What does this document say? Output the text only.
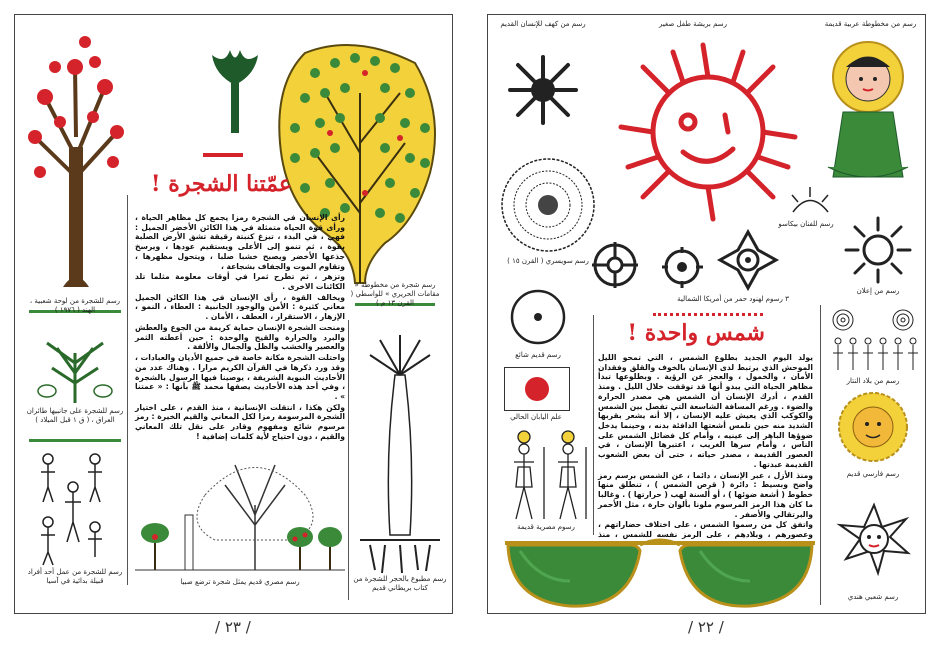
رسم للشجرة من لوحة شعبية ، الهند ( ١٩٧٦ )
رسم شجرة من مخطوطة « مقامات الحريري » للواسطي ( القرن ١٣ م )
عمّتنا الشجرة !

رأى الإنسان في الشجرة رمزا يجمع كل مظاهر الحياة ، ورأى قوة الحياة متمثلة في هذا الكائن الأخضر الجميل : فهي ، في البدء ، تبزغ كنبتة رقيقة تشق الأرض الصلبة بقوة ، ثم تنمو إلى الأعلى ويستقيم عودها ، ويرسخ جذعها الأخضر ويصبح خشبا صلبا ، ويتحول مظهرها ، وتقاوم الموت والجفاف بشجاعة ،

وتزهر ، ثم تطرح ثمرا في أوقات معلومة مثلما تلد الكائنات الاخرى .

ويخالف القوة ، رأى الإنسان في هذا الكائن الجميل معاني كثيرة : الأمن والوجود الجانبية : العطاء ، النمو ، الإزهار ، الاستقرار ، العطف ، الأمان .

ومنحت الشجرة الإنسان حماية كريمة من الجوع والعطش والبرد والحرارة والقيح والوحدة : حين أعطته الثمر والعصير والخشب والظل والجمال والألفة .

واحتلت الشجرة مكانة خاصة في جميع الأديان والعبادات ، وقد ورد ذكرها في القرآن الكريم مرارا . وهناك عدد من الأحاديث النبوية الشريفة ، يوصينا فيها الرسول بالشجرة ، وفي أحد هذه الأحاديث يصفها محمد ﷺ بأنها : « عمتنا » .

ولكن هكذا ، انتقلت الإنسانية ، منذ القدم ، على اختيار الشجرة المرسومة رمزا لكل المعاني والقيم الخيرة : رمز مرسوم شائع ومفهوم وقادر على نقل تلك المعاني والقيم ، دون احتياج لأية كلمات إضافية !

رسم للشجرة على جانبيها طائران العراق ، ( ق ١ قبل الميلاد )
رسم للشجرة من عمل أحد أفراد قبيلة بدائية في آسيا	رسم مصري قديم يمثل شجرة ترضع صبيا	رسم مطبوع بالحجر للشجرة من كتاب بريطاني قديم
/ ٢٣ /
رسم من كهف للإنسان القديم	رسم بريشة طفل صغير	رسم من مخطوطة عربية قديمة
رسم سويسري ( القرن ١٥ )
٣ رسوم لهنود حمر من أمريكا الشمالية
رسم للفنان بيكاسو
رسم من إعلان
رسم قديم شائع
علم اليابان الحالي
رسوم مصرية قديمة
شمس واحدة !

يولد اليوم الجديد بطلوع الشمس ، التي تمحو الليل الموحش الذي يرتبط لدى الإنسان بالخوف والقلق وفقدان الأمان ، والخمول ، والعجز عن الرؤية . وبطلوعها تبدأ مظاهر الحياة التي يبدو أنها قد توقفت خلال الليل . ومنذ القدم ، أدرك الإنسان أن الشمس هي مصدر الحرارة والضوء . ورغم المسافة الشاسعة التي تفصل بين الشمس والكوكب الذي يعيش عليه الإنسان ، إلا أنه يشعر بقربها الشديد منه حين تلمس أشعتها الدافئة بدنه ، وحينما يدخل ضوؤها الباهر إلى عينيه ، وأمام كل فضائل الشمس على الناس ، وأمام سرها الغريب ، اعتبرها الإنسان ، في العصور القديمة ، مصدر حياته ، حتى أن بعض الشعوب القديمة عبدتها .

ومنذ الأزل ، عبر الإنسان ، دائما ، عن الشمس برسم رمز واضح وبسيط : دائرة ( قرص الشمس ) ، تنطلق منها خطوط ( أشعة ضوئها ) ، أو ألسنة لهب ( حرارتها ) . وغالبا ما كان هذا الرمز المرسوم ملونا بألوان حارة ، مثل الأحمر والبرتقالي والأصفر .

واتفق كل من رسموا الشمس ، على اختلاف حضاراتهم ، وعصورهم ، وبلادهم ، على الرمز نفسه للشمس ، منذ

رسم من بلاد النتار
رسم فارسي قديم
رسم شعبي هندي
/ ٢٢ /
